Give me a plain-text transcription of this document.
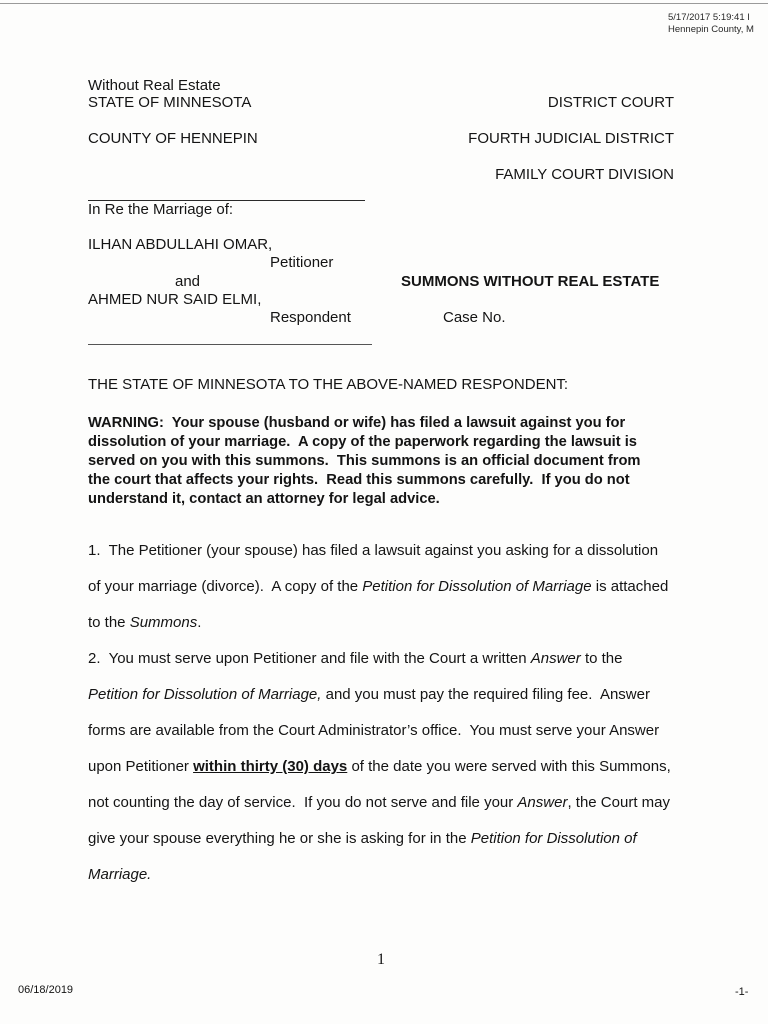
5/17/2017 5:19:41 I
Hennepin County, M
Without Real Estate
STATE OF MINNESOTA
COUNTY OF HENNEPIN
DISTRICT COURT
FOURTH JUDICIAL DISTRICT
FAMILY COURT DIVISION
In Re the Marriage of:
ILHAN ABDULLAHI OMAR,
Petitioner
and	SUMMONS WITHOUT REAL ESTATE
AHMED NUR SAID ELMI,
Respondent	Case No.
THE STATE OF MINNESOTA TO THE ABOVE-NAMED RESPONDENT:
WARNING:  Your spouse (husband or wife) has filed a lawsuit against you for
dissolution of your marriage.  A copy of the paperwork regarding the lawsuit is
served on you with this summons.  This summons is an official document from
the court that affects your rights.  Read this summons carefully.  If you do not
understand it, contact an attorney for legal advice.
1.  The Petitioner (your spouse) has filed a lawsuit against you asking for a dissolution
of your marriage (divorce).  A copy of the Petition for Dissolution of Marriage is attached
to the Summons.
2.  You must serve upon Petitioner and file with the Court a written Answer to the
Petition for Dissolution of Marriage, and you must pay the required filing fee.  Answer
forms are available from the Court Administrator’s office.  You must serve your Answer
upon Petitioner within thirty (30) days of the date you were served with this Summons,
not counting the day of service.  If you do not serve and file your Answer, the Court may
give your spouse everything he or she is asking for in the Petition for Dissolution of
Marriage.
1
06/18/2019	-1-
